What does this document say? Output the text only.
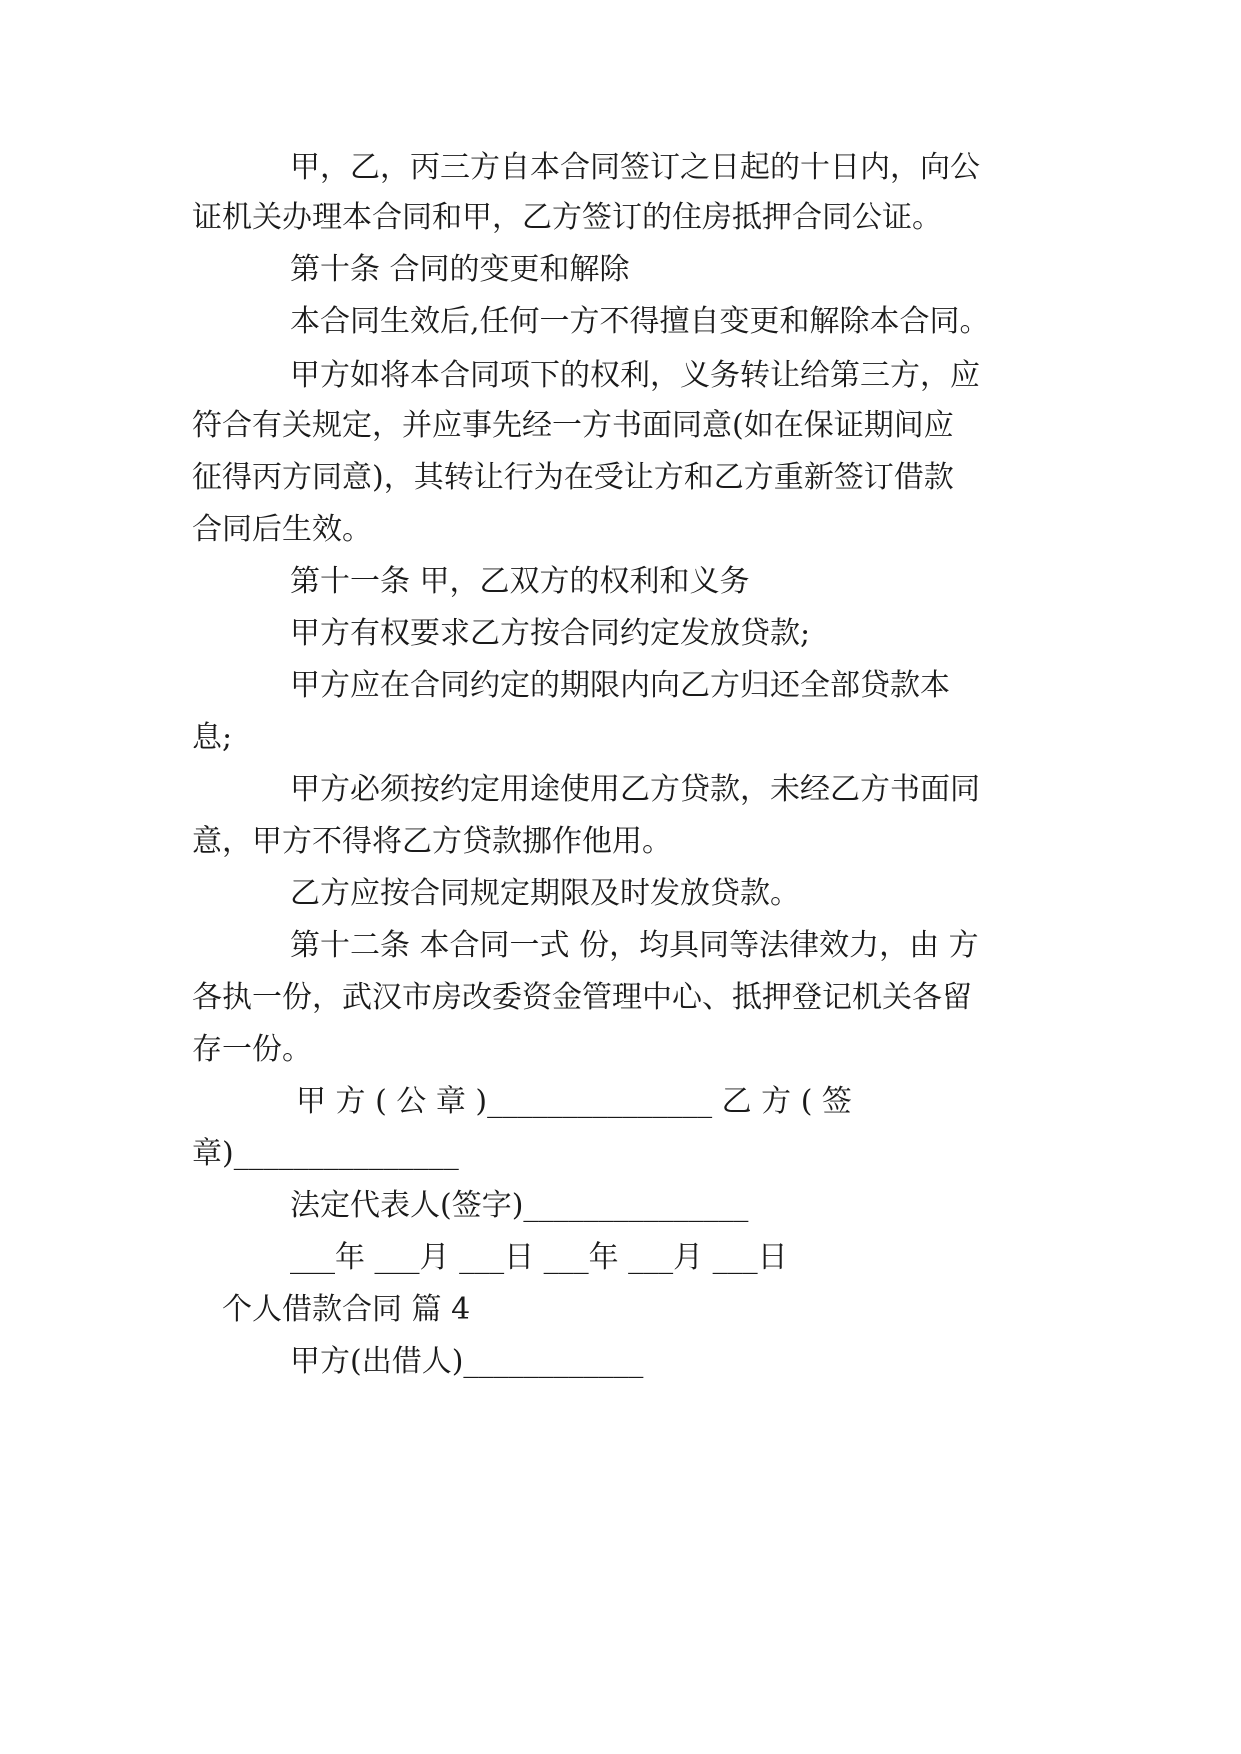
甲，乙，丙三方自本合同签订之日起的十日内，向公
证机关办理本合同和甲，乙方签订的住房抵押合同公证。
第十条 合同的变更和解除
本合同生效后,任何一方不得擅自变更和解除本合同。
甲方如将本合同项下的权利，义务转让给第三方，应
符合有关规定，并应事先经一方书面同意(如在保证期间应
征得丙方同意)，其转让行为在受让方和乙方重新签订借款
合同后生效。
第十一条 甲，乙双方的权利和义务
甲方有权要求乙方按合同约定发放贷款;
甲方应在合同约定的期限内向乙方归还全部贷款本
息;
甲方必须按约定用途使用乙方贷款，未经乙方书面同
意，甲方不得将乙方贷款挪作他用。
乙方应按合同规定期限及时发放贷款。
第十二条 本合同一式 份，均具同等法律效力，由 方
各执一份，武汉市房改委资金管理中心、抵押登记机关各留
存一份。
甲 方 ( 公 章 )_______________ 乙 方 ( 签
章)_______________
法定代表人(签字)_______________
___年 ___月 ___日 ___年 ___月 ___日
个人借款合同 篇 4
甲方(出借人)____________
